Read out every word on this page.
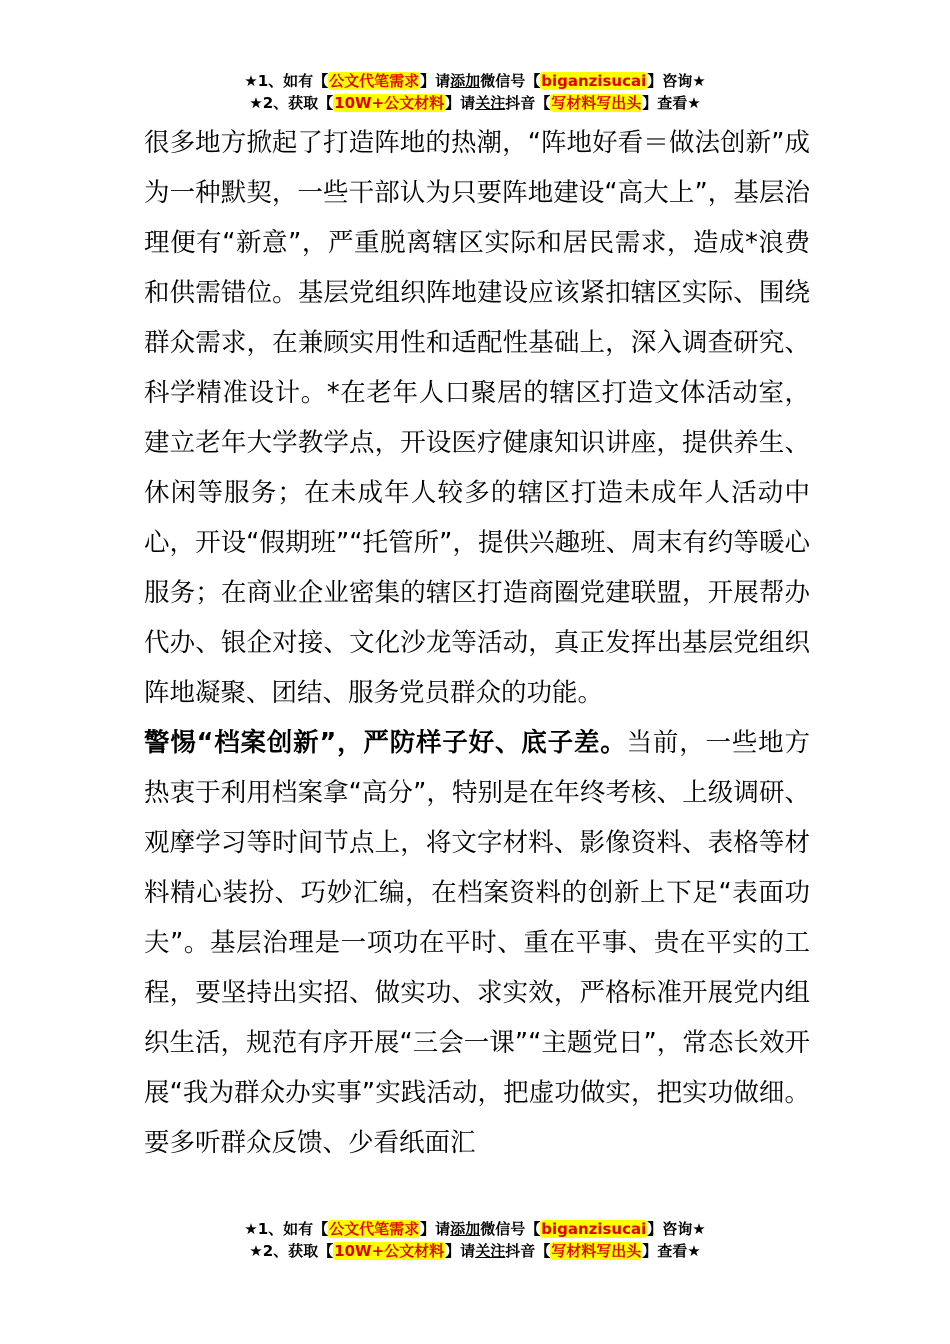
★1、如有【公文代笔需求】请添加微信号【biganzisucai】咨询★
★2、获取【10W+公文材料】请关注抖音【写材料写出头】查看★

很多地方掀起了打造阵地的热潮，“阵地好看＝做法创新”成为一种默契，一些干部认为只要阵地建设“高大上”，基层治理便有“新意”，严重脱离辖区实际和居民需求，造成*浪费和供需错位。基层党组织阵地建设应该紧扣辖区实际、围绕群众需求，在兼顾实用性和适配性基础上，深入调查研究、科学精准设计。*在老年人口聚居的辖区打造文体活动室，建立老年大学教学点，开设医疗健康知识讲座，提供养生、休闲等服务；在未成年人较多的辖区打造未成年人活动中心，开设“假期班”“托管所”，提供兴趣班、周末有约等暖心服务；在商业企业密集的辖区打造商圈党建联盟，开展帮办代办、银企对接、文化沙龙等活动，真正发挥出基层党组织阵地凝聚、团结、服务党员群众的功能。

警惕“档案创新”，严防样子好、底子差。当前，一些地方热衷于利用档案拿“高分”，特别是在年终考核、上级调研、观摩学习等时间节点上，将文字材料、影像资料、表格等材料精心装扮、巧妙汇编，在档案资料的创新上下足“表面功夫”。基层治理是一项功在平时、重在平事、贵在平实的工程，要坚持出实招、做实功、求实效，严格标准开展党内组织生活，规范有序开展“三会一课”“主题党日”，常态长效开展“我为群众办实事”实践活动，把虚功做实，把实功做细。要多听群众反馈、少看纸面汇

★1、如有【公文代笔需求】请添加微信号【biganzisucai】咨询★
★2、获取【10W+公文材料】请关注抖音【写材料写出头】查看★
